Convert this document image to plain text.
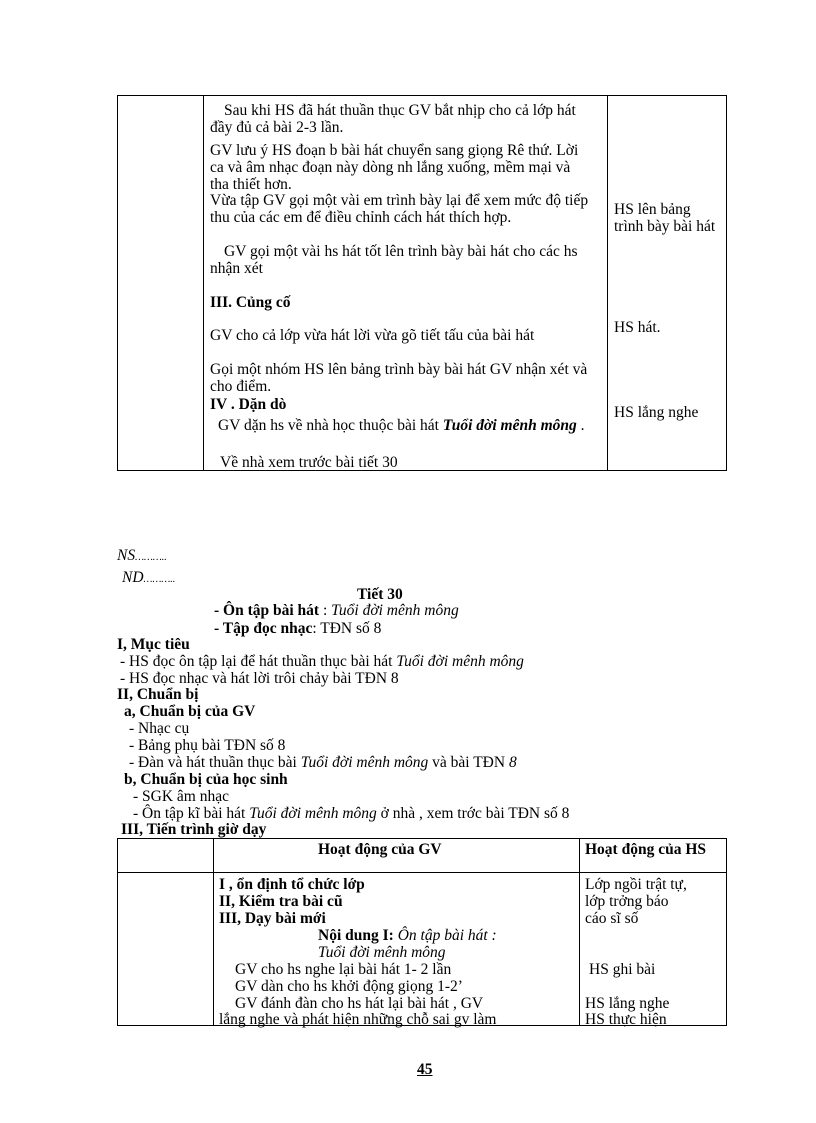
Sau khi HS đã hát thuần thục GV bắt nhịp cho cả lớp hát đầy đủ cả bài 2-3 lần.
GV lưu ý HS đoạn b bài hát chuyển sang giọng Rê thứ. Lời ca và âm nhạc đoạn này dòng nh lắng xuống, mềm mại và tha thiết hơn.
Vừa tập GV gọi một vài em trình bày lại để xem mức độ tiếp thu của các em để điều chỉnh cách hát thích hợp.
GV gọi một vài hs hát tốt lên trình bày bài hát cho các hs nhận xét
III. Củng cố
GV cho cả lớp vừa hát lời vừa gõ tiết tấu của bài hát
Gọi một nhóm HS lên bảng trình bày bài hát GV nhận xét và cho điểm.
IV . Dặn dò
GV dặn hs về nhà học thuộc bài hát Tuổi đời mênh mông .
Về nhà xem trước bài tiết 30
HS lên bảng trình bày bài hát
HS hát.
HS lắng nghe
NS………..
ND………..
Tiết 30
- Ôn tập bài hát : Tuổi đời mênh mông
- Tập đọc nhạc: TĐN số 8
I, Mục tiêu
- HS đọc ôn tập lại để hát thuần thục bài hát Tuổi đời mênh mông
- HS đọc nhạc và hát lời trôi chảy bài TĐN 8
II, Chuẩn bị
a, Chuẩn bị của GV
- Nhạc cụ
- Bảng phụ bài TĐN số 8
- Đàn và hát thuần thục bài Tuổi đời mênh mông và bài TĐN 8
b, Chuẩn bị của học sinh
- SGK âm nhạc
- Ôn tập kĩ bài hát Tuổi đời mênh mông ở nhà , xem trớc bài TĐN số 8
III, Tiến trình giờ dạy
Hoạt động của GV	Hoạt động của HS
I , ổn định tổ chức lớp
II, Kiểm tra bài cũ
III, Dạy bài mới
Nội dung I: Ôn tập bài hát :
Tuổi đời mênh mông
GV cho hs nghe lại bài hát 1- 2 lần
GV dàn cho hs khởi động giọng 1-2’
GV đánh đàn cho hs hát lại bài hát , GV
lắng nghe và phát hiện những chỗ sai gv làm
Lớp ngồi trật tự,
lớp trởng báo
cáo sĩ số
HS ghi bài
HS lắng nghe
HS thực hiện
45
